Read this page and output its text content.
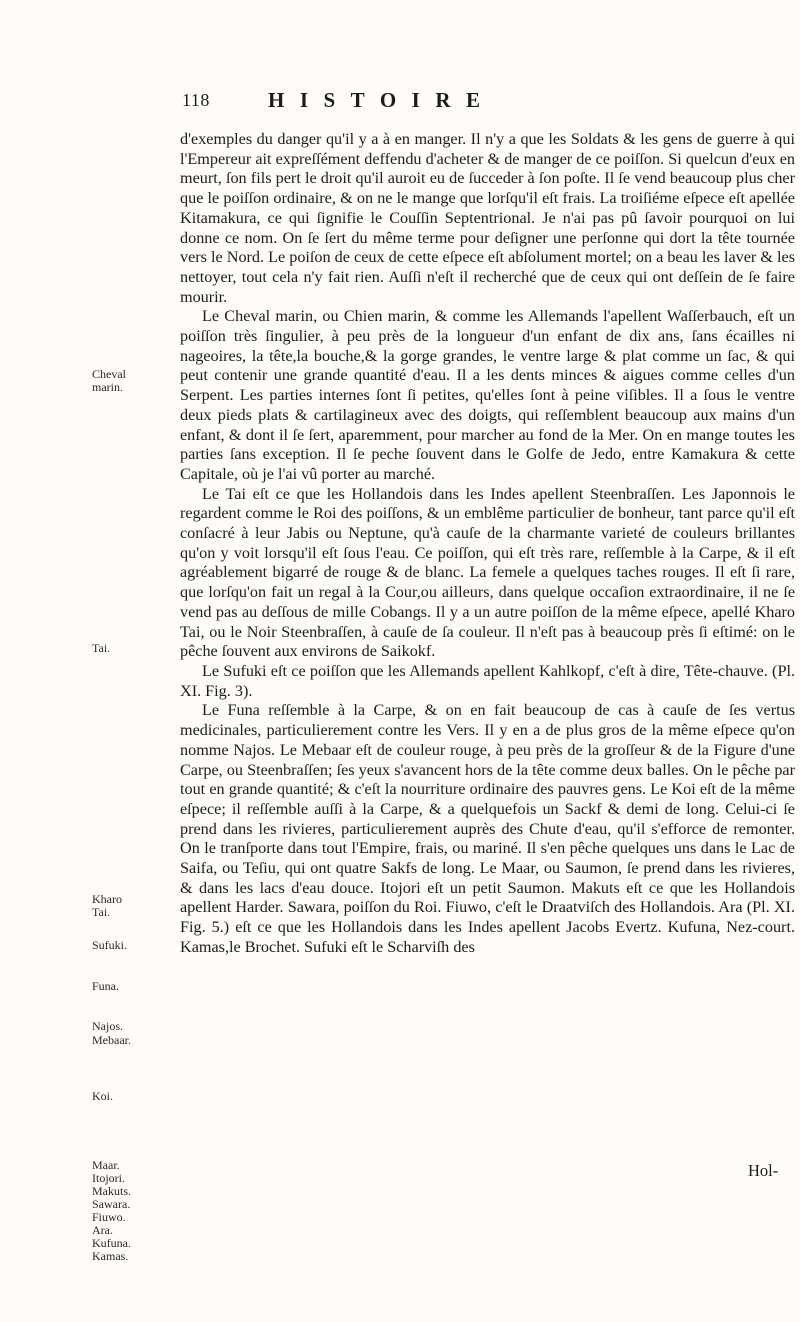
118	HISTOIRE
Cheval
marin.
Tai.
Kharo
Tai.
Sufuki.
Funa.
Najos.
Mebaar.
Koi.
Maar.
Itojori.
Makuts.
Sawara.
Fiuwo.
Ara.
Kufuna.
Kamas.

d'exemples du danger qu'il y a à en manger. Il n'y a que les Soldats & les gens de guerre à qui l'Empereur ait expreſſément deffendu d'acheter & de manger de ce poiſſon. Si quelcun d'eux en meurt, ſon fils pert le droit qu'il auroit eu de ſucceder à ſon poſte. Il ſe vend beaucoup plus cher que le poiſſon ordinaire, & on ne le mange que lorſqu'il eſt frais. La troiſiéme eſpece eſt apellée Kitamakura, ce qui ſignifie le Couſſin Septentrional. Je n'ai pas pû ſavoir pourquoi on lui donne ce nom. On ſe ſert du même terme pour deſigner une perſonne qui dort la tête tournée vers le Nord. Le poiſon de ceux de cette eſpece eſt abſolument mortel; on a beau les laver & les nettoyer, tout cela n'y fait rien. Auſſi n'eſt il recherché que de ceux qui ont deſſein de ſe faire mourir.

Le Cheval marin, ou Chien marin, & comme les Allemands l'apellent Waſſerbauch, eſt un poiſſon très ſingulier, à peu près de la longueur d'un enfant de dix ans, ſans écailles ni nageoires, la tête,la bouche,& la gorge grandes, le ventre large & plat comme un ſac, & qui peut contenir une grande quantité d'eau. Il a les dents minces & aigues comme celles d'un Serpent. Les parties internes ſont ſi petites, qu'elles ſont à peine viſibles. Il a ſous le ventre deux pieds plats & cartilagineux avec des doigts, qui reſſemblent beaucoup aux mains d'un enfant, & dont il ſe ſert, aparemment, pour marcher au fond de la Mer. On en mange toutes les parties ſans exception. Il ſe peche ſouvent dans le Golfe de Jedo, entre Kamakura & cette Capitale, où je l'ai vû porter au marché.

Le Tai eſt ce que les Hollandois dans les Indes apellent Steenbraſſen. Les Japonnois le regardent comme le Roi des poiſſons, & un emblême particulier de bonheur, tant parce qu'il eſt conſacré à leur Jabis ou Neptune, qu'à cauſe de la charmante varieté de couleurs brillantes qu'on y voit lorsqu'il eſt ſous l'eau. Ce poiſſon, qui eſt très rare, reſſemble à la Carpe, & il eſt agréablement bigarré de rouge & de blanc. La femele a quelques taches rouges. Il eſt ſi rare, que lorſqu'on fait un regal à la Cour,ou ailleurs, dans quelque occaſion extraordinaire, il ne ſe vend pas au deſſous de mille Cobangs. Il y a un autre poiſſon de la même eſpece, apellé Kharo Tai, ou le Noir Steenbraſſen, à cauſe de ſa couleur. Il n'eſt pas à beaucoup près ſi eſtimé: on le pêche ſouvent aux environs de Saikokf.

Le Sufuki eſt ce poiſſon que les Allemands apellent Kahlkopf, c'eſt à dire, Tête-chauve. (Pl. XI. Fig. 3).

Le Funa reſſemble à la Carpe, & on en fait beaucoup de cas à cauſe de ſes vertus medicinales, particulierement contre les Vers. Il y en a de plus gros de la même eſpece qu'on nomme Najos. Le Mebaar eſt de couleur rouge, à peu près de la groſſeur & de la Figure d'une Carpe, ou Steenbraſſen; ſes yeux s'avancent hors de la tête comme deux balles. On le pêche par tout en grande quantité; & c'eſt la nourriture ordinaire des pauvres gens. Le Koi eſt de la même eſpece; il reſſemble auſſi à la Carpe, & a quelquefois un Sackf & demi de long. Celui-ci ſe prend dans les rivieres, particulierement auprès des Chute d'eau, qu'il s'efforce de remonter. On le tranſporte dans tout l'Empire, frais, ou mariné. Il s'en pêche quelques uns dans le Lac de Saifa, ou Teſiu, qui ont quatre Sakfs de long. Le Maar, ou Saumon, ſe prend dans les rivieres, & dans les lacs d'eau douce. Itojori eſt un petit Saumon. Makuts eſt ce que les Hollandois apellent Harder. Sawara, poiſſon du Roi. Fiuwo, c'eſt le Draatviſch des Hollandois. Ara (Pl. XI. Fig. 5.) eſt ce que les Hollandois dans les Indes apellent Jacobs Evertz. Kufuna, Nez-court. Kamas,le Brochet. Sufuki eſt le Scharviſh des

Hol-
